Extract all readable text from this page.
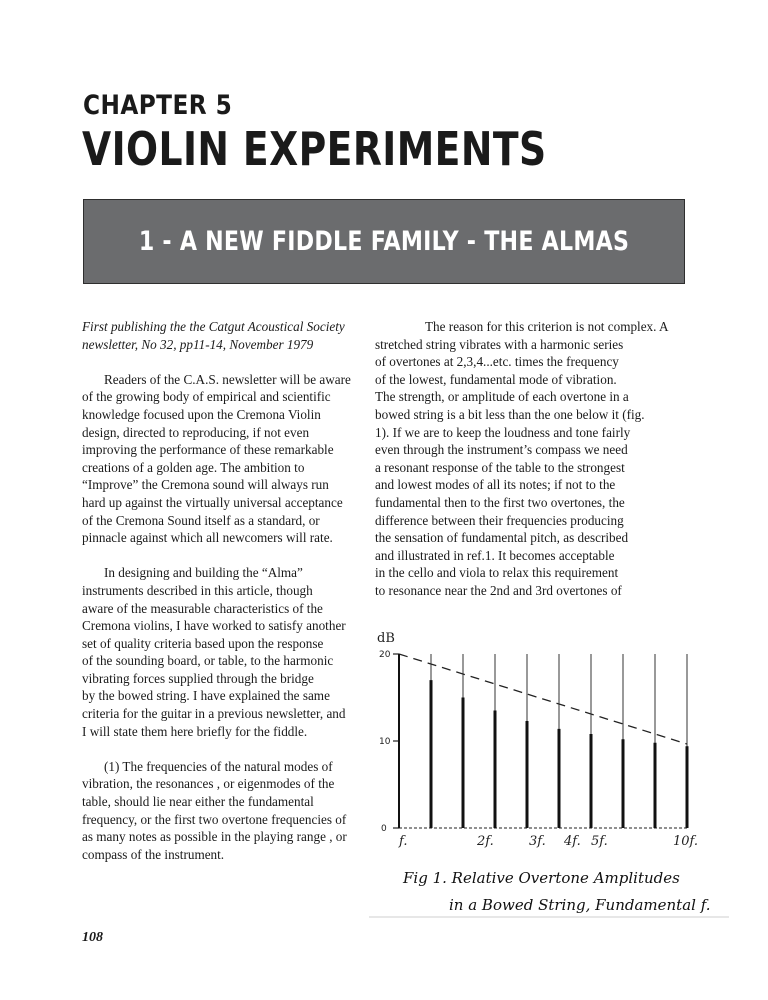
CHAPTER 5
VIOLIN EXPERIMENTS
1 - A NEW FIDDLE FAMILY - THE ALMAS

First publishing the the Catgut Acoustical Society
newsletter, No 32, pp11-14, November 1979

Readers of the C.A.S. newsletter will be aware
of the growing body of empirical and scientific
knowledge focused upon the Cremona Violin
design, directed to reproducing, if not even
improving the performance of these remarkable
creations of a golden age. The ambition to
“Improve” the Cremona sound will always run
hard up against the virtually universal acceptance
of the Cremona Sound itself as a standard, or
pinnacle against which all newcomers will rate.

In designing and building the “Alma”
instruments described in this article, though
aware of the measurable characteristics of the
Cremona violins, I have worked to satisfy another
set of quality criteria based upon the response
of the sounding board, or table, to the harmonic
vibrating forces supplied through the bridge
by the bowed string. I have explained the same
criteria for the guitar in a previous newsletter, and
I will state them here briefly for the fiddle.

(1) The frequencies of the natural modes of
vibration, the resonances , or eigenmodes of the
table, should lie near either the fundamental
frequency, or the first two overtone frequencies of
as many notes as possible in the playing range , or
compass of the instrument.

The reason for this criterion is not complex. A
stretched string vibrates with a harmonic series
of overtones at 2,3,4...etc. times the frequency
of the lowest, fundamental mode of vibration.
The strength, or amplitude of each overtone in a
bowed string is a bit less than the one below it (fig.
1). If we are to keep the loudness and tone fairly
even through the instrument’s compass we need
a resonant response of the table to the strongest
and lowest modes of all its notes; if not to the
fundamental then to the first two overtones, the
difference between their frequencies producing
the sensation of fundamental pitch, as described
and illustrated in ref.1. It becomes acceptable
in the cello and viola to relax this requirement
to resonance near the 2nd and 3rd overtones of

dB
20
10
0
f.	2f.	3f. 4f. 5f.	10f.
Fig 1. Relative Overtone Amplitudes
in a Bowed String, Fundamental f.
108
